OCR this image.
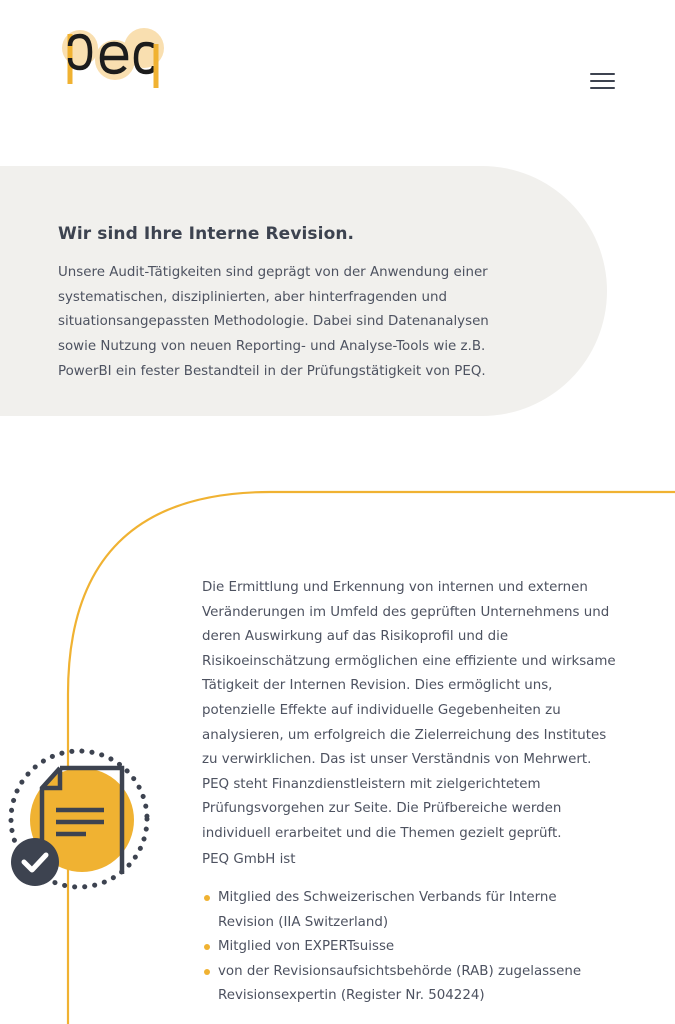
Wir sind Ihre Interne Revision.

Unsere Audit-Tätigkeiten sind geprägt von der Anwendung einer systematischen, disziplinierten, aber hinterfragenden und situationsangepassten Methodologie. Dabei sind Datenanalysen sowie Nutzung von neuen Reporting- und Analyse-Tools wie z.B. PowerBI ein fester Bestandteil in der Prüfungstätigkeit von PEQ.

Die Ermittlung und Erkennung von internen und externen Veränderungen im Umfeld des geprüften Unternehmens und deren Auswirkung auf das Risikoprofil und die Risikoeinschätzung ermöglichen eine effiziente und wirksame Tätigkeit der Internen Revision. Dies ermöglicht uns, potenzielle Effekte auf individuelle Gegebenheiten zu analysieren, um erfolgreich die Zielerreichung des Institutes zu verwirklichen. Das ist unser Verständnis von Mehrwert. PEQ steht Finanzdienstleistern mit zielgerichtetem Prüfungsvorgehen zur Seite. Die Prüfbereiche werden individuell erarbeitet und die Themen gezielt geprüft.

PEQ GmbH ist

Mitglied des Schweizerischen Verbands für Interne Revision (IIA Switzerland)
Mitglied von EXPERTsuisse
von der Revisionsaufsichtsbehörde (RAB) zugelassene Revisionsexpertin (Register Nr. 504224)
